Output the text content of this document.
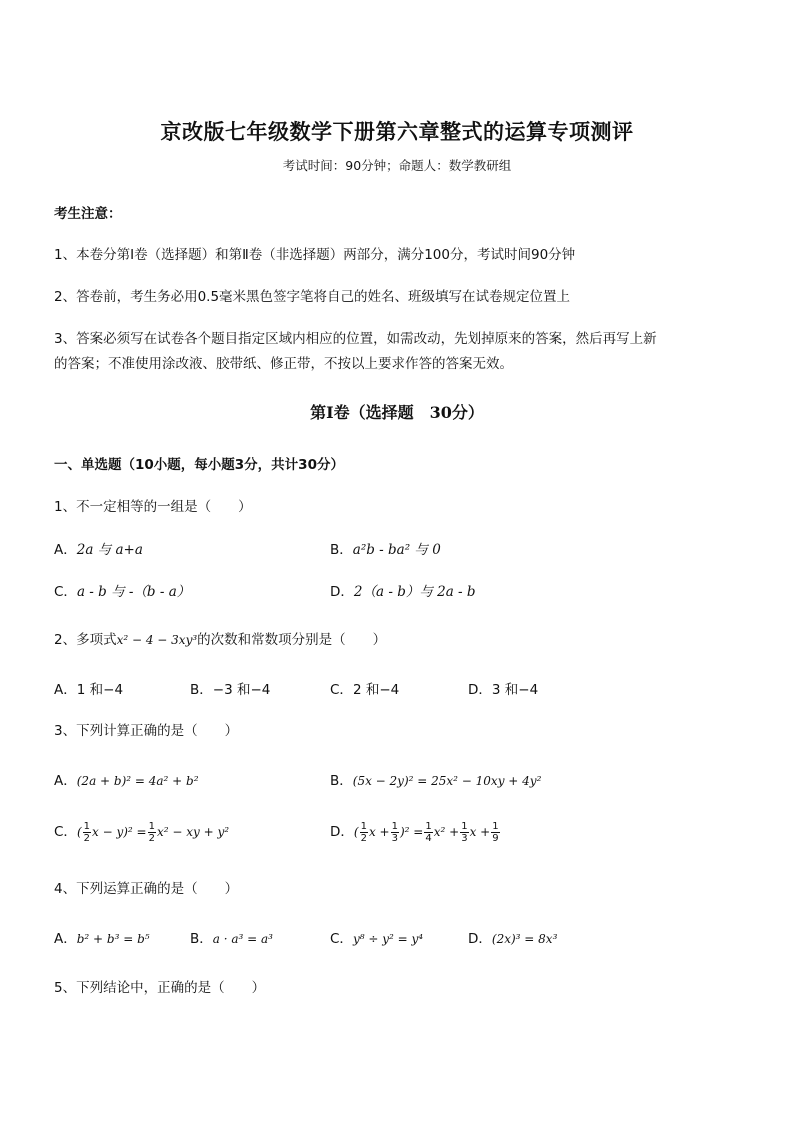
京改版七年级数学下册第六章整式的运算专项测评
考试时间：90分钟；命题人：数学教研组
考生注意：
1、本卷分第Ⅰ卷（选择题）和第Ⅱ卷（非选择题）两部分，满分100分，考试时间90分钟
2、答卷前，考生务必用0.5毫米黑色签字笔将自己的姓名、班级填写在试卷规定位置上
3、答案必须写在试卷各个题目指定区域内相应的位置，如需改动，先划掉原来的答案，然后再写上新
的答案；不准使用涂改液、胶带纸、修正带，不按以上要求作答的答案无效。
第Ⅰ卷（选择题　30分）
一、单选题（10小题，每小题3分，共计30分）
1、不一定相等的一组是（　　）
A．2a 与 a+a	B．a²b - ba² 与 0
C．a - b 与 -（b - a）	D．2（a - b）与 2a - b
2、多项式x² − 4 − 3xy³的次数和常数项分别是（　　）
A．1 和−4	B．−3 和−4	C．2 和−4	D．3 和−4
3、下列计算正确的是（　　）
A．(2a + b)² = 4a² + b²	B．(5x − 2y)² = 25x² − 10xy + 4y²
C．( $\frac{1}{2}$ $x - y)^2 = \frac{1}{2} x^2$ − xy + y²	D．( $\frac{1}{2}$ $x + \frac{1}{3} )^2 = \frac{1}{4} x^2 + \frac{1}{3}$ $x + \frac{1}{9}$
4、下列运算正确的是（　　）
A．b² + b³ = b⁵	B．a · a³ = a³	C．y⁸ ÷ y² = y⁴	D．(2x)³ = 8x³
5、下列结论中，正确的是（　　）
